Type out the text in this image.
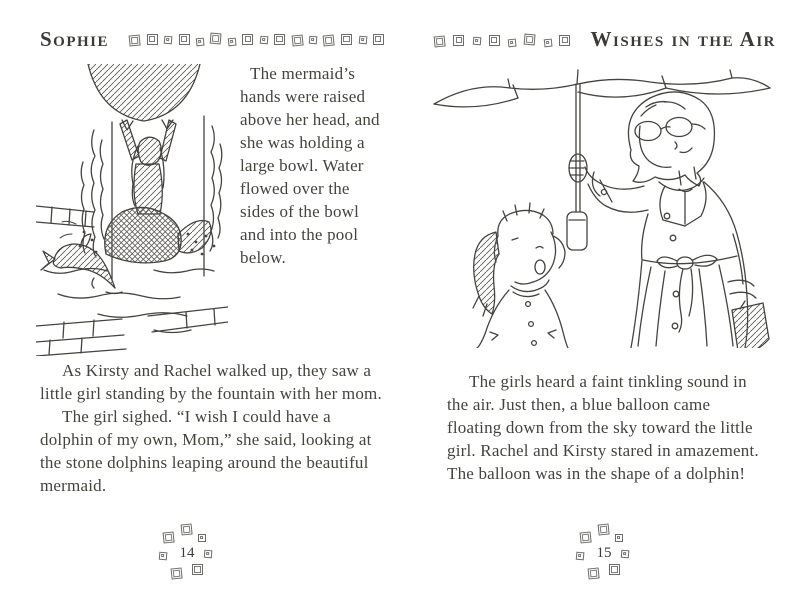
Sophie

The mermaid’s hands were raised above her head, and she was holding a large bowl. Water flowed over the sides of the bowl and into the pool below.

As Kirsty and Rachel walked up, they saw a little girl standing by the fountain with her mom.

The girl sighed. “I wish I could have a dolphin of my own, Mom,” she said, looking at the stone dolphins leaping around the beautiful mermaid.

14
Wishes in the Air

The girls heard a faint tinkling sound in the air. Just then, a blue balloon came floating down from the sky toward the little girl. Rachel and Kirsty stared in amazement. The balloon was in the shape of a dolphin!

15
